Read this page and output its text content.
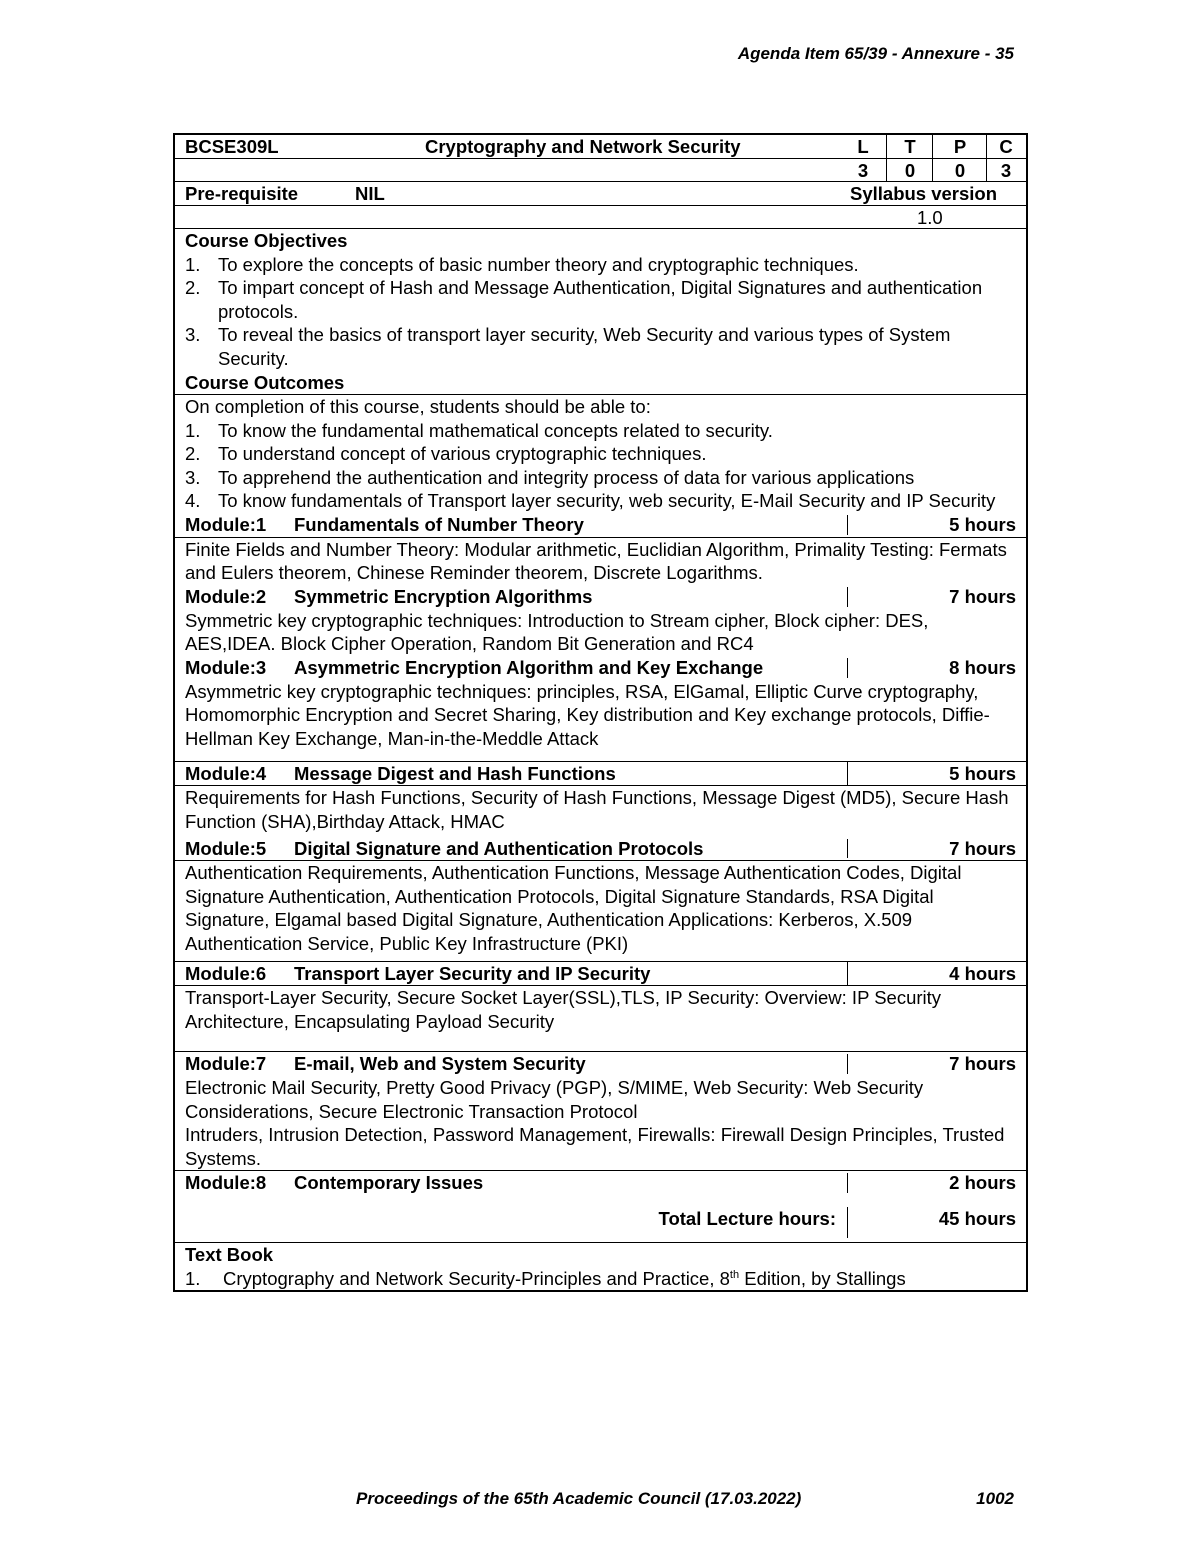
Agenda Item 65/39 - Annexure - 35
BCSE309L	Cryptography and Network Security	L	T	P	C
3	0	0	3
Pre-requisite	NIL	Syllabus version
1.0
Course Objectives
1. To explore the concepts of basic number theory and cryptographic techniques.
2. To impart concept of Hash and Message Authentication, Digital Signatures and authentication protocols.
3. To reveal the basics of transport layer security, Web Security and various types of System Security.
Course Outcomes
On completion of this course, students should be able to:
1. To know the fundamental mathematical concepts related to security.
2. To understand concept of various cryptographic techniques.
3. To apprehend the authentication and integrity process of data for various applications
4. To know fundamentals of Transport layer security, web security, E-Mail Security and IP Security
Module:1 Fundamentals of Number Theory	5 hours
Finite Fields and Number Theory: Modular arithmetic, Euclidian Algorithm, Primality Testing: Fermats and Eulers theorem, Chinese Reminder theorem, Discrete Logarithms.
Module:2 Symmetric Encryption Algorithms	7 hours
Symmetric key cryptographic techniques: Introduction to Stream cipher, Block cipher: DES, AES,IDEA. Block Cipher Operation, Random Bit Generation and RC4
Module:3 Asymmetric Encryption Algorithm and Key Exchange	8 hours
Asymmetric key cryptographic techniques: principles, RSA, ElGamal, Elliptic Curve cryptography, Homomorphic Encryption and Secret Sharing, Key distribution and Key exchange protocols, Diffie-Hellman Key Exchange, Man-in-the-Meddle Attack
Module:4 Message Digest and Hash Functions	5 hours
Requirements for Hash Functions, Security of Hash Functions, Message Digest (MD5), Secure Hash Function (SHA),Birthday Attack, HMAC
Module:5 Digital Signature and Authentication Protocols	7 hours
Authentication Requirements, Authentication Functions, Message Authentication Codes, Digital Signature Authentication, Authentication Protocols, Digital Signature Standards, RSA Digital Signature, Elgamal based Digital Signature, Authentication Applications: Kerberos, X.509 Authentication Service, Public Key Infrastructure (PKI)
Module:6 Transport Layer Security and IP Security	4 hours
Transport-Layer Security, Secure Socket Layer(SSL),TLS, IP Security: Overview: IP Security Architecture, Encapsulating Payload Security
Module:7 E-mail, Web and System Security	7 hours
Electronic Mail Security, Pretty Good Privacy (PGP), S/MIME, Web Security: Web Security Considerations, Secure Electronic Transaction Protocol
Intruders, Intrusion Detection, Password Management, Firewalls: Firewall Design Principles, Trusted Systems.
Module:8 Contemporary Issues	2 hours
Total Lecture hours:	45 hours
Text Book
1. Cryptography and Network Security-Principles and Practice, 8th Edition, by Stallings
Proceedings of the 65th Academic Council (17.03.2022)	1002
